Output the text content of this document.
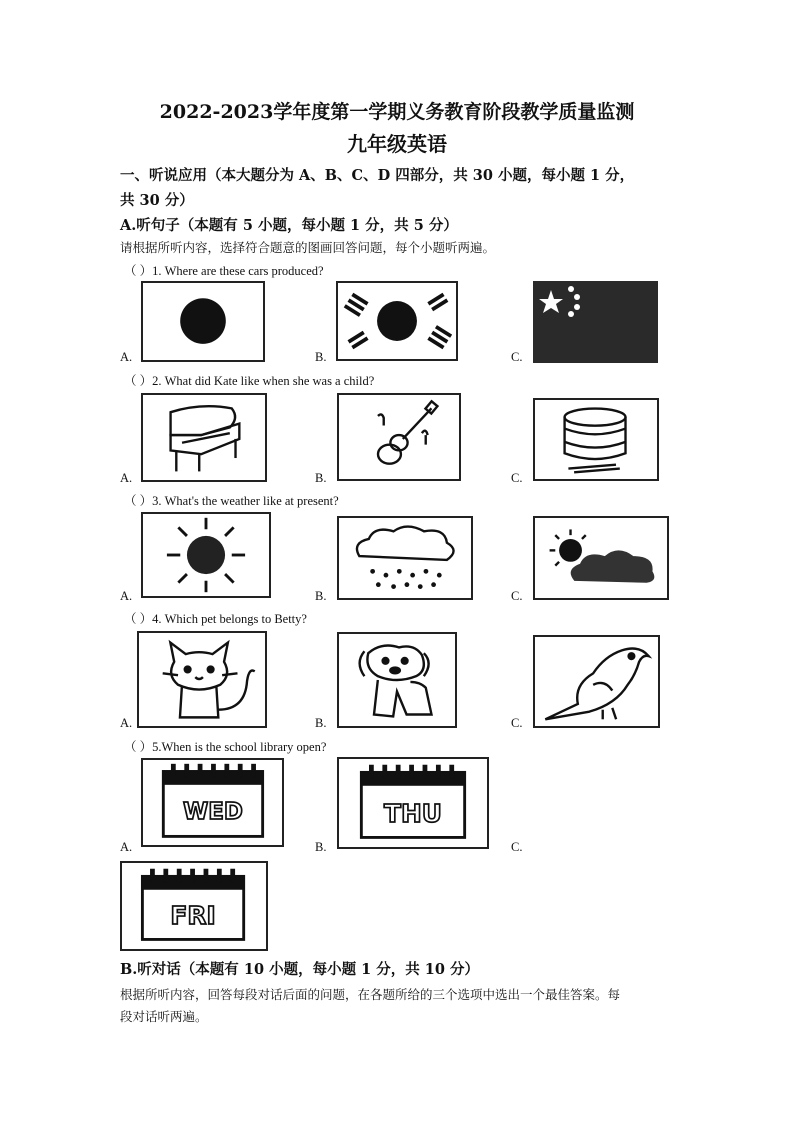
2022-2023学年度第一学期义务教育阶段教学质量监测
九年级英语
一、听说应用（本大题分为 A、B、C、D 四部分，共 30 小题，每小题 1 分，
共 30 分）
A.听句子（本题有 5 小题，每小题 1 分，共 5 分）
请根据所听内容，选择符合题意的图画回答问题，每个小题听两遍。
（ ）1. Where are these cars produced?
A.	B.	C.
（ ）2. What did Kate like when she was a child?
A.	B.	C.
（ ）3. What's the weather like at present?
A.	B.	C.
（ ）4. Which pet belongs to Betty?
A.	B.	C.
（ ）5.When is the school library open?
A.
WED
B.
THU
C.
FRI
B.听对话（本题有 10 小题，每小题 1 分，共 10 分）
根据所听内容，回答每段对话后面的问题，在各题所给的三个选项中选出一个最佳答案。每
段对话听两遍。
